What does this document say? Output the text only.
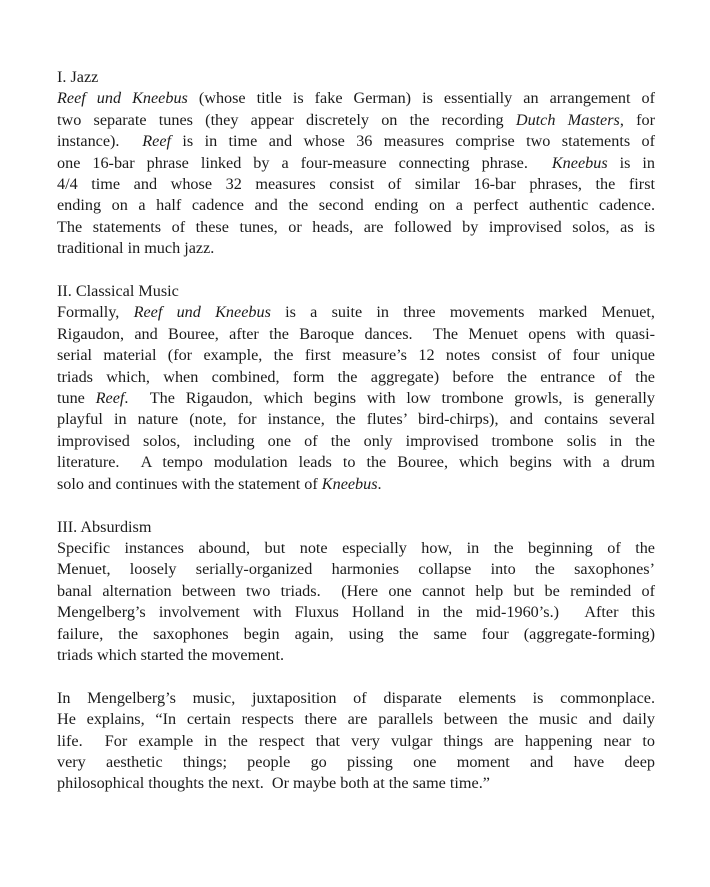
I. Jazz
Reef und Kneebus (whose title is fake German) is essentially an arrangement of
two separate tunes (they appear discretely on the recording Dutch Masters, for
instance).  Reef is in time and whose 36 measures comprise two statements of
one 16-bar phrase linked by a four-measure connecting phrase.  Kneebus is in
4/4 time and whose 32 measures consist of similar 16-bar phrases, the first
ending on a half cadence and the second ending on a perfect authentic cadence.
The statements of these tunes, or heads, are followed by improvised solos, as is
traditional in much jazz.
II. Classical Music
Formally, Reef und Kneebus is a suite in three movements marked Menuet,
Rigaudon, and Bouree, after the Baroque dances.  The Menuet opens with quasi-
serial material (for example, the first measure’s 12 notes consist of four unique
triads which, when combined, form the aggregate) before the entrance of the
tune Reef.  The Rigaudon, which begins with low trombone growls, is generally
playful in nature (note, for instance, the flutes’ bird-chirps), and contains several
improvised solos, including one of the only improvised trombone solis in the
literature.  A tempo modulation leads to the Bouree, which begins with a drum
solo and continues with the statement of Kneebus.
III. Absurdism
Specific instances abound, but note especially how, in the beginning of the
Menuet, loosely serially-organized harmonies collapse into the saxophones’
banal alternation between two triads.  (Here one cannot help but be reminded of
Mengelberg’s involvement with Fluxus Holland in the mid-1960’s.)  After this
failure, the saxophones begin again, using the same four (aggregate-forming)
triads which started the movement.
In Mengelberg’s music, juxtaposition of disparate elements is commonplace.
He explains, “In certain respects there are parallels between the music and daily
life.  For example in the respect that very vulgar things are happening near to
very aesthetic things; people go pissing one moment and have deep
philosophical thoughts the next.  Or maybe both at the same time.”
